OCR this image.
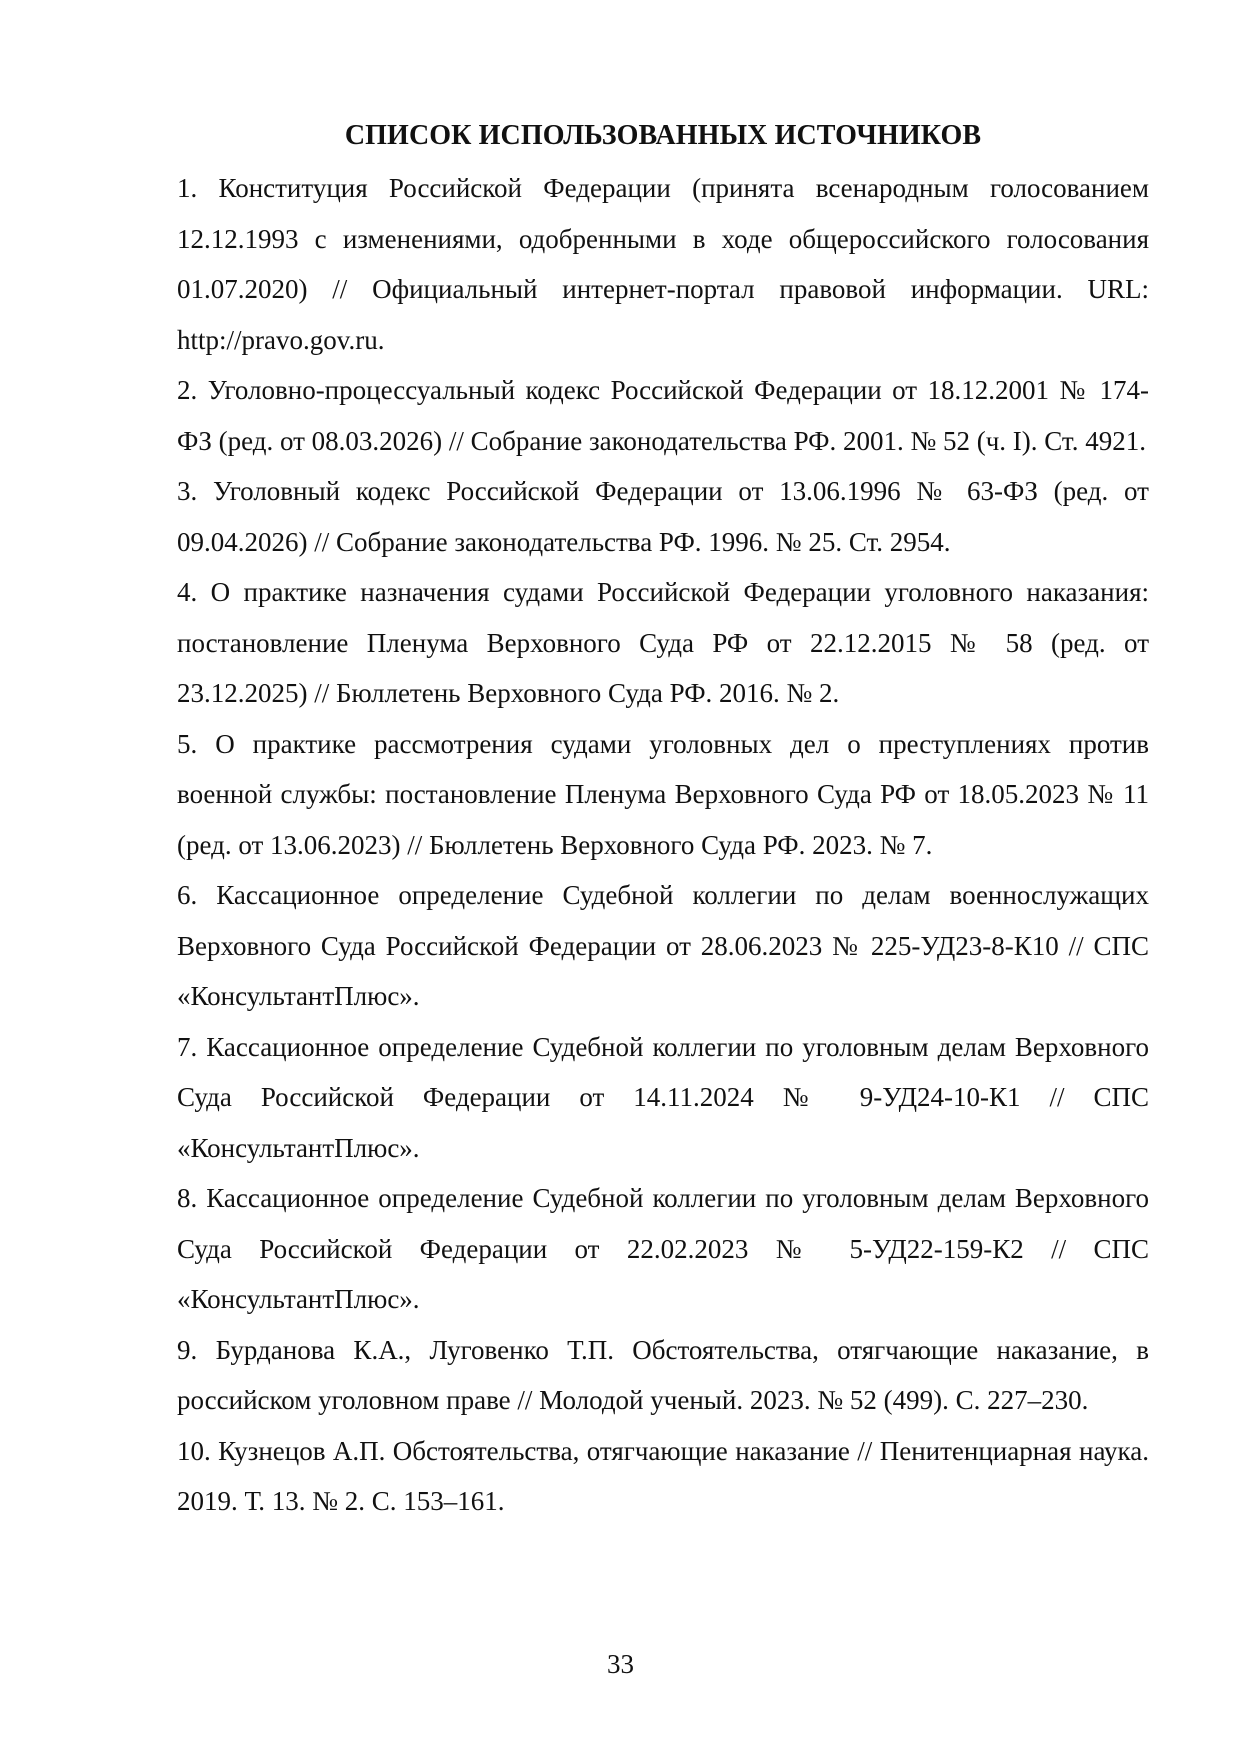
СПИСОК ИСПОЛЬЗОВАННЫХ ИСТОЧНИКОВ
1. Конституция Российской Федерации (принята всенародным голосованием 12.12.1993 с изменениями, одобренными в ходе общероссийского голосования 01.07.2020) // Официальный интернет-портал правовой информации. URL: http://pravo.gov.ru.
2. Уголовно-процессуальный кодекс Российской Федерации от 18.12.2001 № 174-ФЗ (ред. от 08.03.2026) // Собрание законодательства РФ. 2001. № 52 (ч. I). Ст. 4921.
3. Уголовный кодекс Российской Федерации от 13.06.1996 № 63-ФЗ (ред. от 09.04.2026) // Собрание законодательства РФ. 1996. № 25. Ст. 2954.
4. О практике назначения судами Российской Федерации уголовного наказания: постановление Пленума Верховного Суда РФ от 22.12.2015 № 58 (ред. от 23.12.2025) // Бюллетень Верховного Суда РФ. 2016. № 2.
5. О практике рассмотрения судами уголовных дел о преступлениях против военной службы: постановление Пленума Верховного Суда РФ от 18.05.2023 № 11 (ред. от 13.06.2023) // Бюллетень Верховного Суда РФ. 2023. № 7.
6. Кассационное определение Судебной коллегии по делам военнослужащих Верховного Суда Российской Федерации от 28.06.2023 № 225-УД23-8-К10 // СПС «КонсультантПлюс».
7. Кассационное определение Судебной коллегии по уголовным делам Верховного Суда Российской Федерации от 14.11.2024 № 9-УД24-10-К1 // СПС «КонсультантПлюс».
8. Кассационное определение Судебной коллегии по уголовным делам Верховного Суда Российской Федерации от 22.02.2023 № 5-УД22-159-К2 // СПС «КонсультантПлюс».
9. Бурданова К.А., Луговенко Т.П. Обстоятельства, отягчающие наказание, в российском уголовном праве // Молодой ученый. 2023. № 52 (499). С. 227–230.
10. Кузнецов А.П. Обстоятельства, отягчающие наказание // Пенитенциарная наука. 2019. Т. 13. № 2. С. 153–161.
33
